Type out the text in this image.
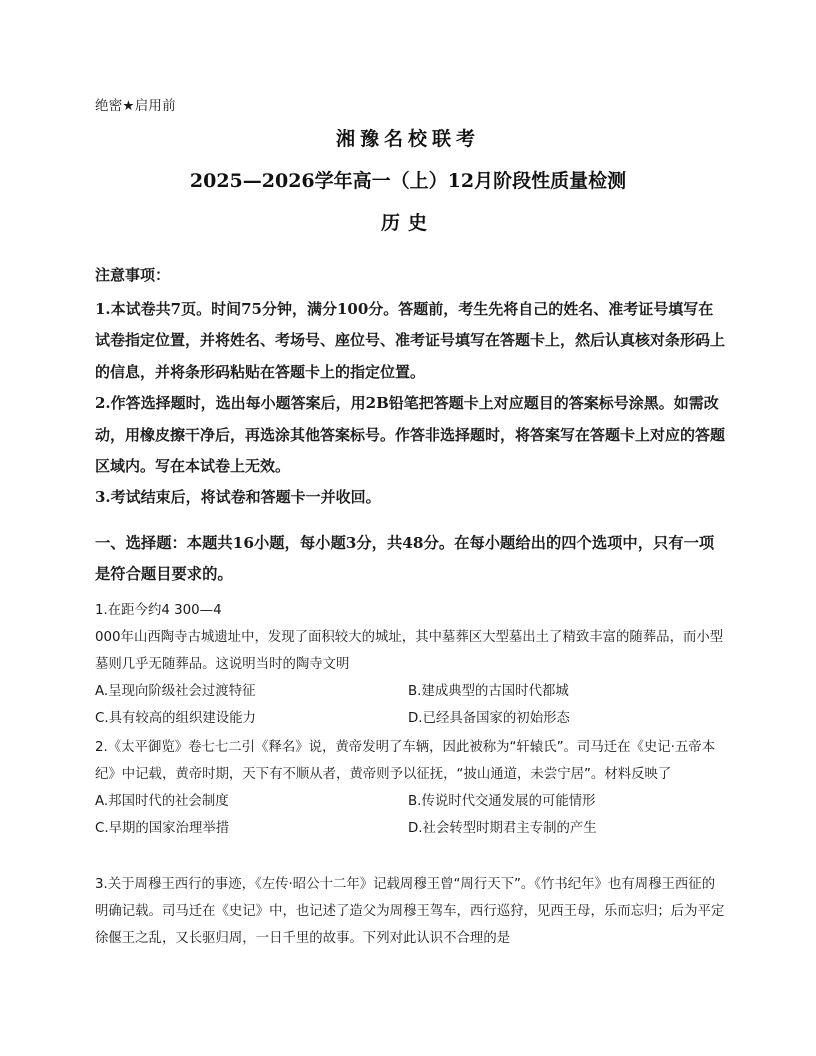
绝密★启用前
湘豫名校联考
2025—2026学年高一（上）12月阶段性质量检测
历史
注意事项：

1.本试卷共7页。时间75分钟，满分100分。答题前，考生先将自己的姓名、准考证号填写在试卷指定位置，并将姓名、考场号、座位号、准考证号填写在答题卡上，然后认真核对条形码上的信息，并将条形码粘贴在答题卡上的指定位置。

2.作答选择题时，选出每小题答案后，用2B铅笔把答题卡上对应题目的答案标号涂黑。如需改动，用橡皮擦干净后，再选涂其他答案标号。作答非选择题时，将答案写在答题卡上对应的答题区域内。写在本试卷上无效。

3.考试结束后，将试卷和答题卡一并收回。

一、选择题：本题共16小题，每小题3分，共48分。在每小题给出的四个选项中，只有一项是符合题目要求的。

1.在距今约4 300—4

000年山西陶寺古城遗址中，发现了面积较大的城址，其中墓葬区大型墓出土了精致丰富的随葬品，而小型墓则几乎无随葬品。这说明当时的陶寺文明

A.呈现向阶级社会过渡特征	B.建成典型的古国时代都城

C.具有较高的组织建设能力	D.已经具备国家的初始形态

2.《太平御览》卷七七二引《释名》说，黄帝发明了车辆，因此被称为“轩辕氏”。司马迁在《史记·五帝本纪》中记载，黄帝时期，天下有不顺从者，黄帝则予以征抚，“披山通道，未尝宁居”。材料反映了

A.邦国时代的社会制度	B.传说时代交通发展的可能情形

C.早期的国家治理举措	D.社会转型时期君主专制的产生

3.关于周穆王西行的事迹，《左传·昭公十二年》记载周穆王曾“周行天下”。《竹书纪年》也有周穆王西征的明确记载。司马迁在《史记》中，也记述了造父为周穆王驾车，西行巡狩，见西王母，乐而忘归；后为平定徐偃王之乱，又长驱归周，一日千里的故事。下列对此认识不合理的是
